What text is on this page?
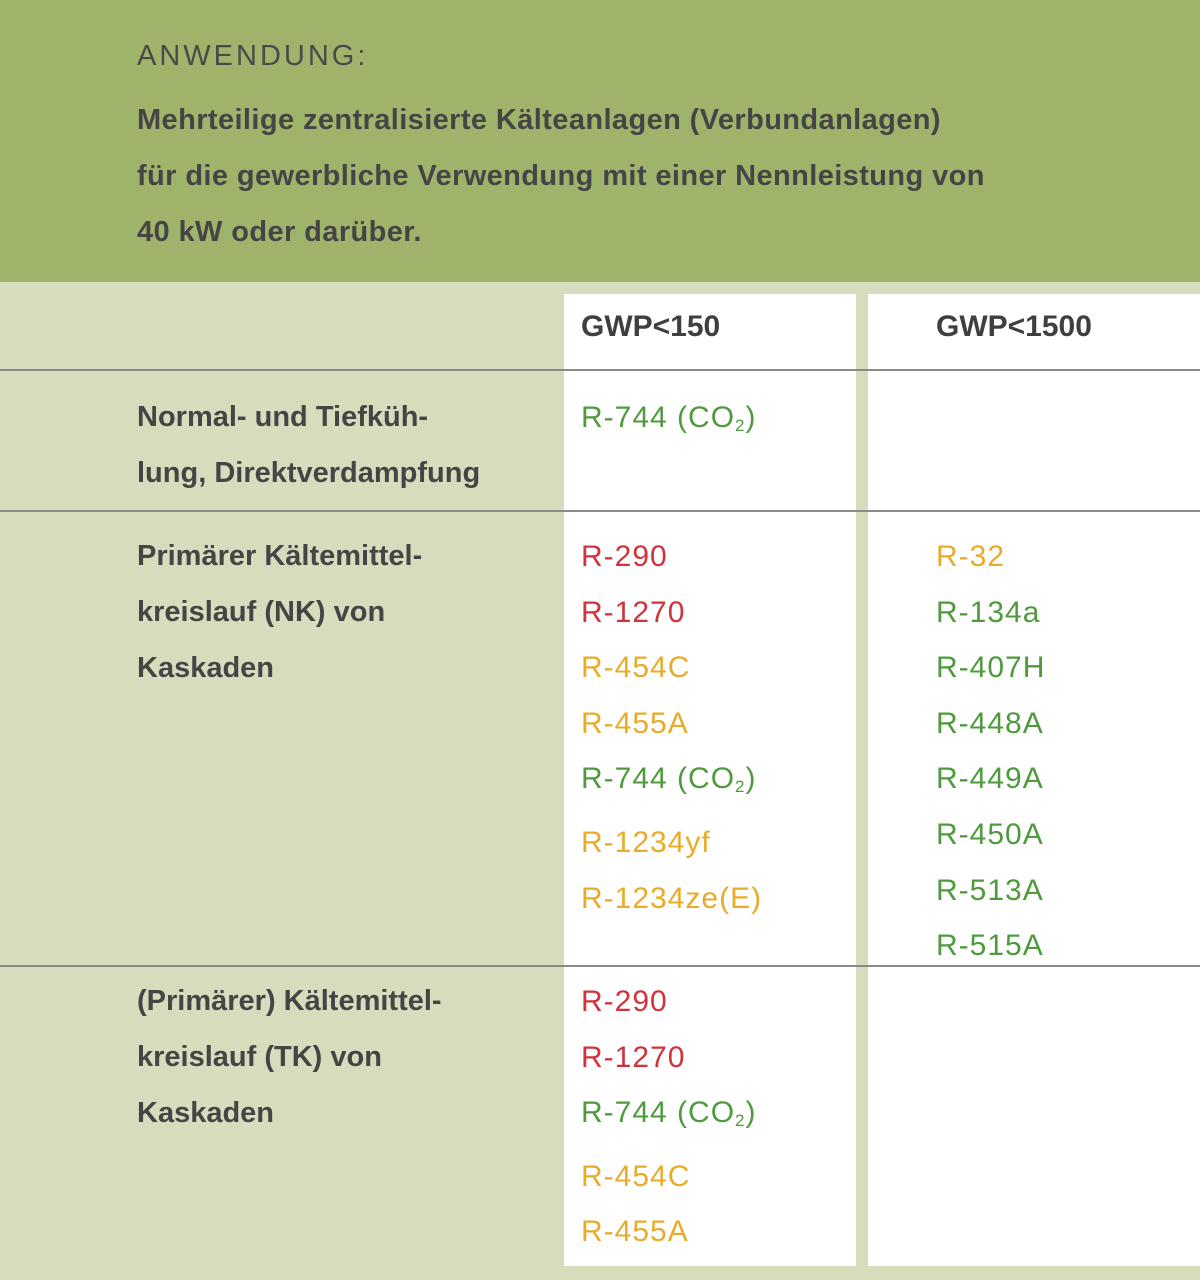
ANWENDUNG:
Mehrteilige zentralisierte Kälteanlagen (Verbundanlagen)
für die gewerbliche Verwendung mit einer Nennleistung von
40 kW oder darüber.
GWP<150	GWP<1500
Normal- und Tiefküh-
lung, Direktverdampfung
R-744 $(CO_2)$
Primärer Kältemittel-
kreislauf (NK) von
Kaskaden
R-290
R-1270
R-454C
R-455A
R-744 $(CO_2)$
R-1234yf
R-1234ze(E)
R-32
R-134a
R-407H
R-448A
R-449A
R-450A
R-513A
R-515A
(Primärer) Kältemittel-
kreislauf (TK) von
Kaskaden
R-290
R-1270
R-744 $(CO_2)$
R-454C
R-455A
